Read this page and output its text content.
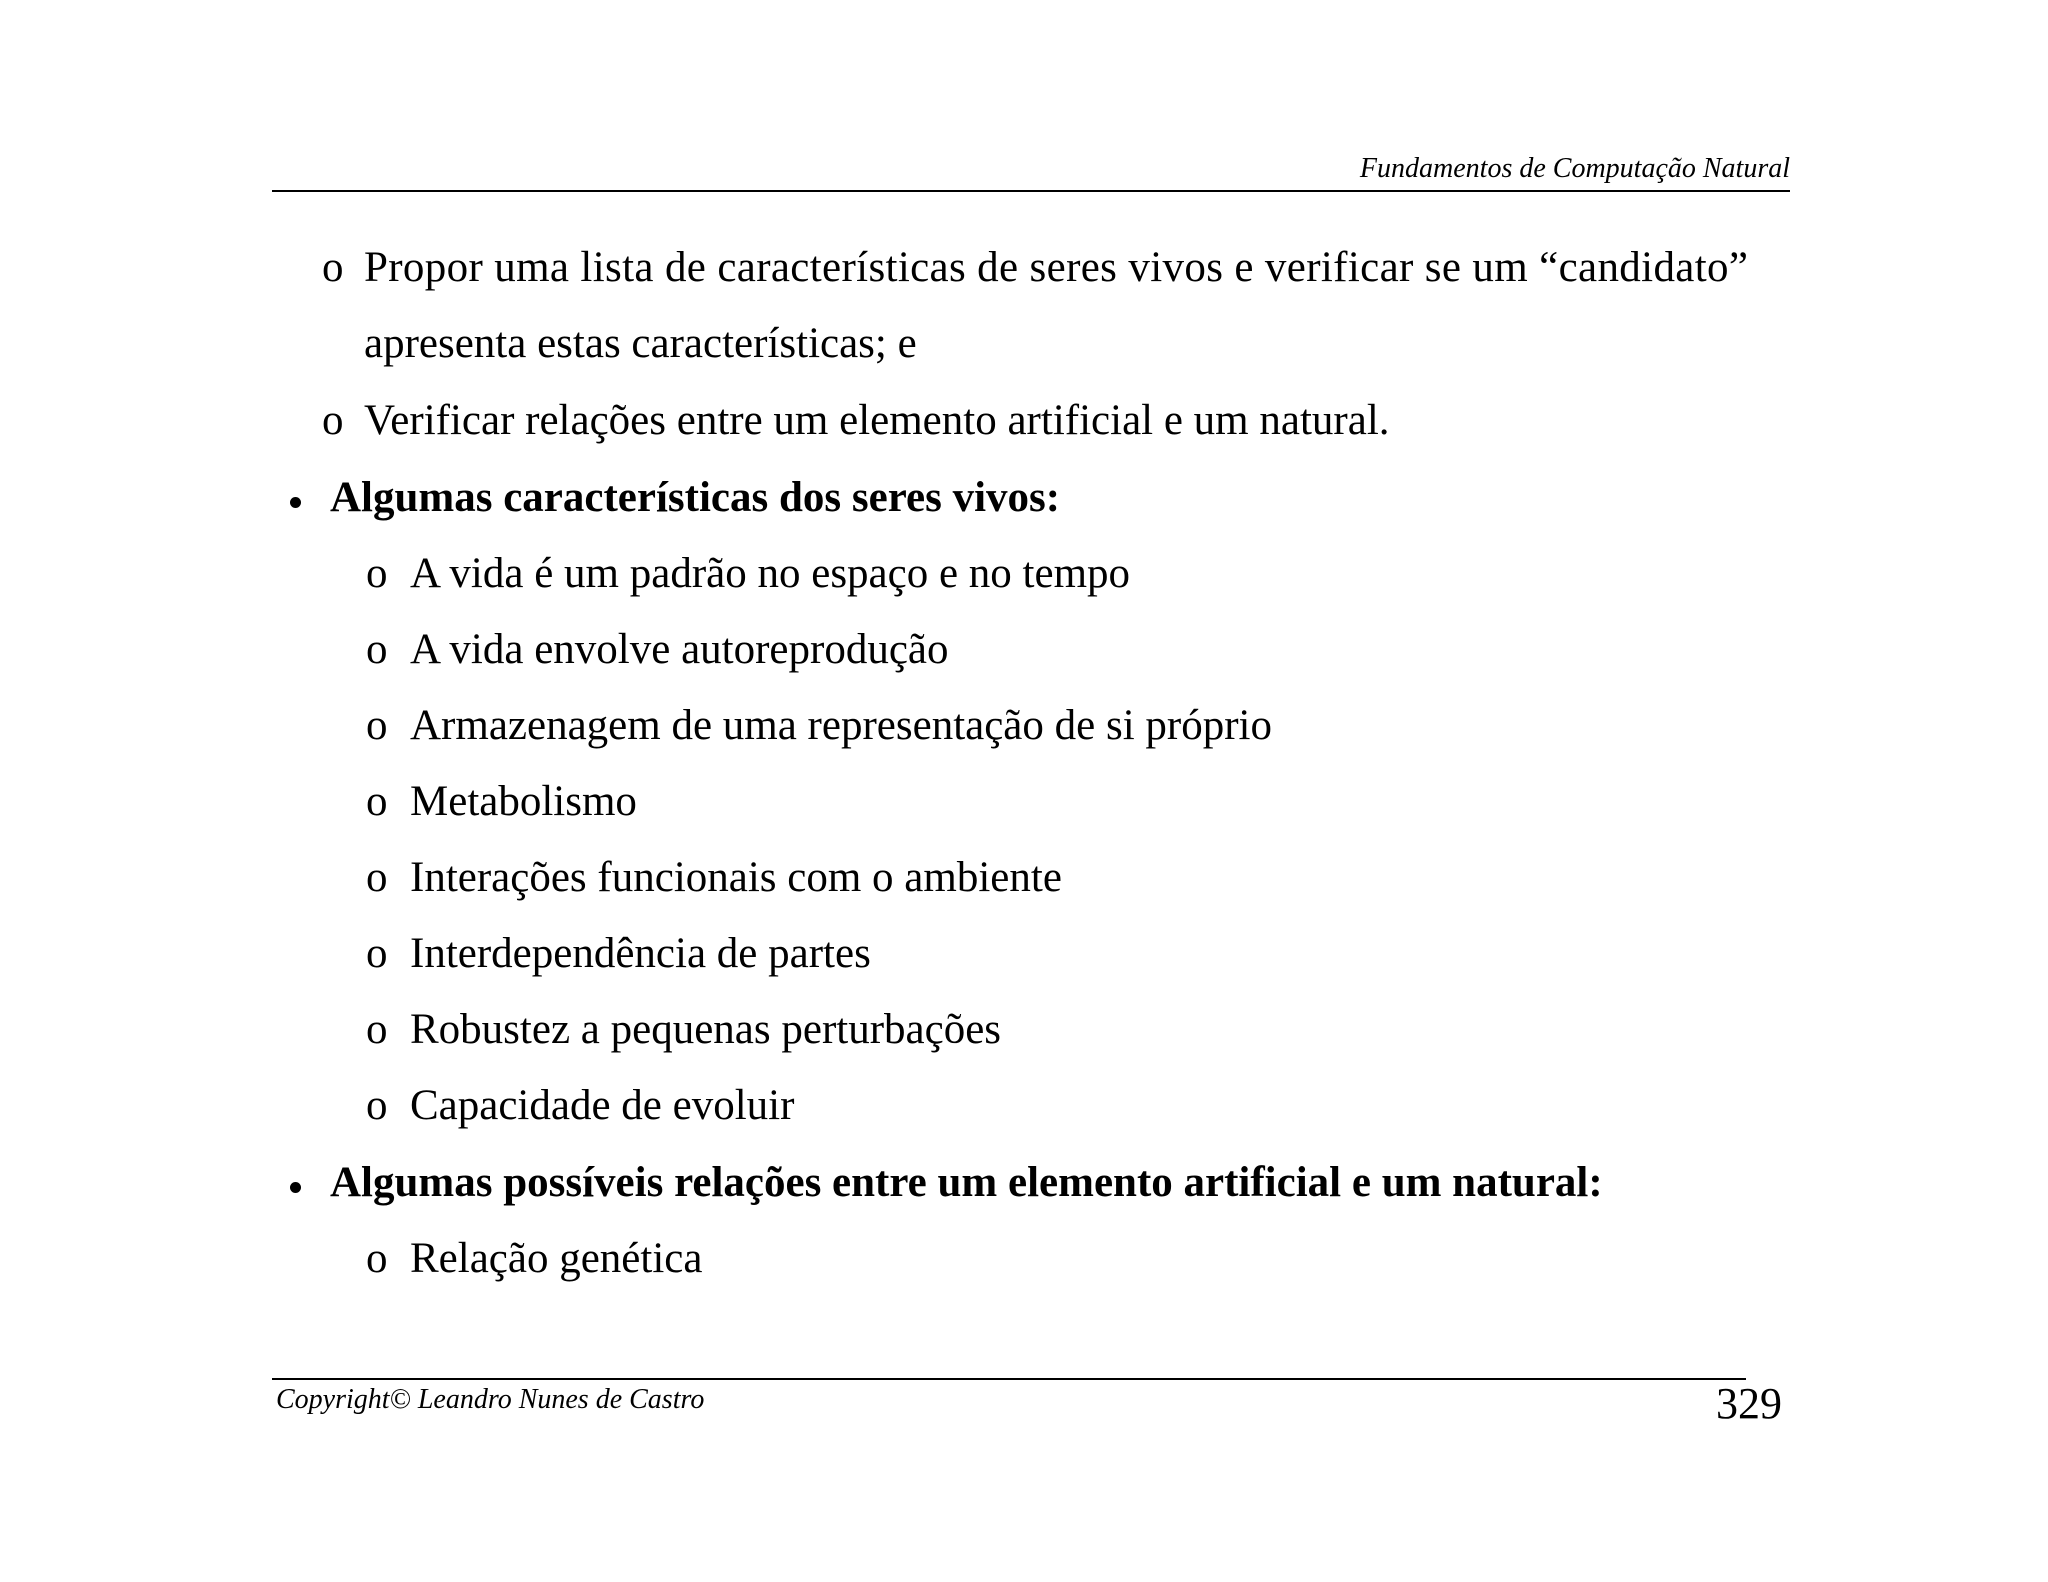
Fundamentos de Computação Natural
o Propor uma lista de características de seres vivos e verificar se um “candidato”
apresenta estas características; e
o Verificar relações entre um elemento artificial e um natural.
Algumas características dos seres vivos:
o A vida é um padrão no espaço e no tempo
o A vida envolve autoreprodução
o Armazenagem de uma representação de si próprio
o Metabolismo
o Interações funcionais com o ambiente
o Interdependência de partes
o Robustez a pequenas perturbações
o Capacidade de evoluir
Algumas possíveis relações entre um elemento artificial e um natural:
o Relação genética
Copyright© Leandro Nunes de Castro	329
